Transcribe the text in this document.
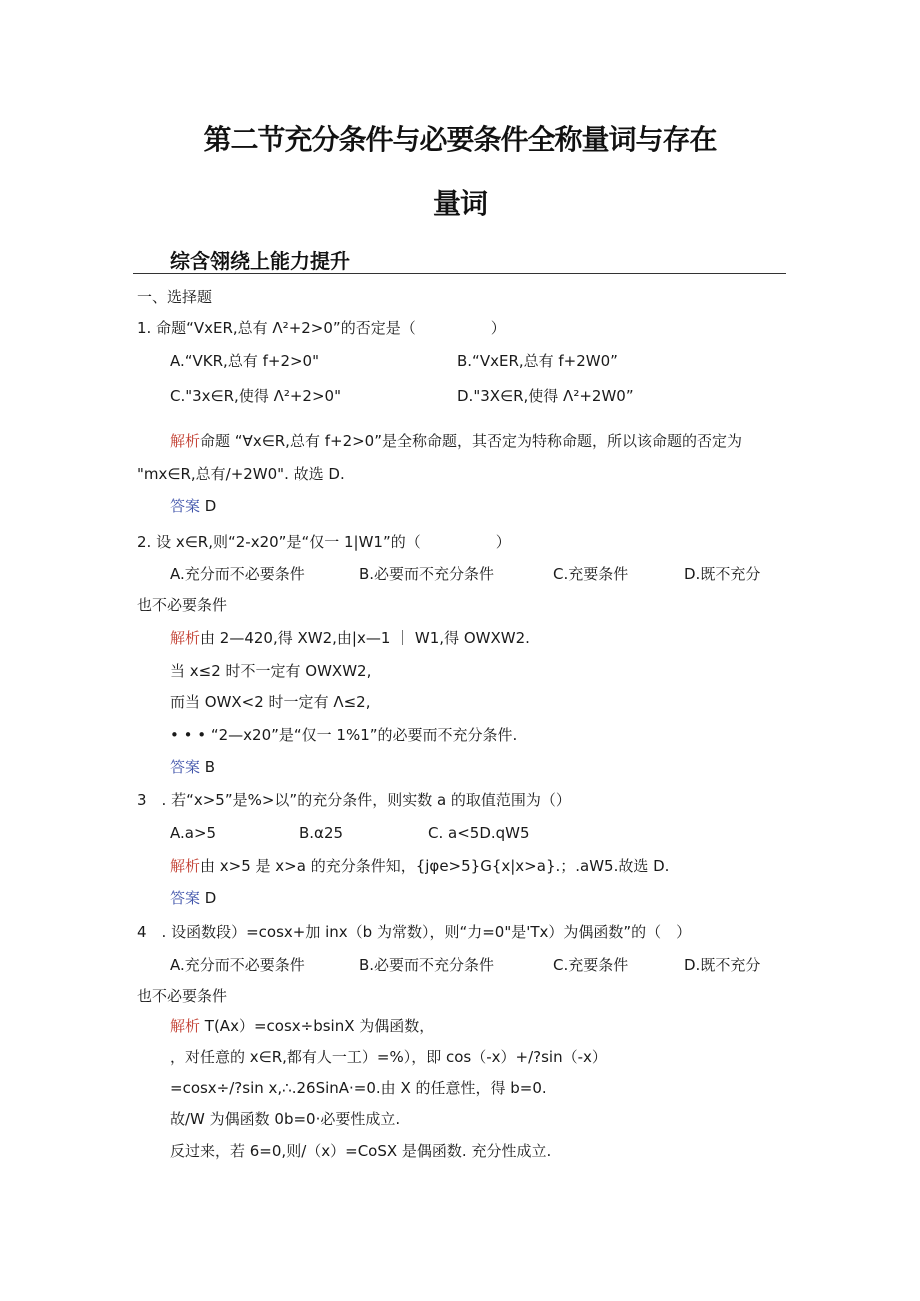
第二节充分条件与必要条件全称量词与存在
量词
综含翎绕上能力提升
一、选择题
1. 命题“VxER,总有 Λ²+2>0”的否定是（　　　　　）
A.“VKR,总有 f+2>0"	B.“VxER,总有 f+2W0”
C."3x∈R,使得 Λ²+2>0"	D."3X∈R,使得 Λ²+2W0”
解析命题 “∀x∈R,总有 f+2>0”是全称命题，其否定为特称命题，所以该命题的否定为
"mx∈R,总有/+2W0". 故选 D.
答案 D
2. 设 x∈R,则“2-x20”是“仅一 1|W1”的（　　　　　）
A.充分而不必要条件	B.必要而不充分条件	C.充要条件	D.既不充分
也不必要条件
解析由 2—420,得 XW2,由|x—1 ｜ W1,得 OWXW2.
当 x≤2 时不一定有 OWXW2,
而当 OWX<2 时一定有 Λ≤2,
• • • “2—x20”是“仅一 1%1”的必要而不充分条件.
答案 B
3　. 若“x>5”是%>以”的充分条件，则实数 a 的取值范围为（）
A.a>5	B.α25	C. a<5D.qW5
解析由 x>5 是 x>a 的充分条件知，{jφe>5}G{x|x>a}.；.aW5.故选 D.
答案 D
4　. 设函数段）=cosx+加 inx（b 为常数），则“力=0"是'Tx）为偶函数”的（　）
A.充分而不必要条件	B.必要而不充分条件	C.充要条件	D.既不充分
也不必要条件
解析 T(Ax）=cosx÷bsinX 为偶函数，
，对任意的 x∈R,都有人一工）=%），即 cos（-x）+/?sin（-x）
=cosx÷/?sin x,∴.26SinA·=0.由 X 的任意性，得 b=0.
故/W 为偶函数 0b=0·必要性成立.
反过来，若 6=0,则/（x）=CoSX 是偶函数. 充分性成立.
